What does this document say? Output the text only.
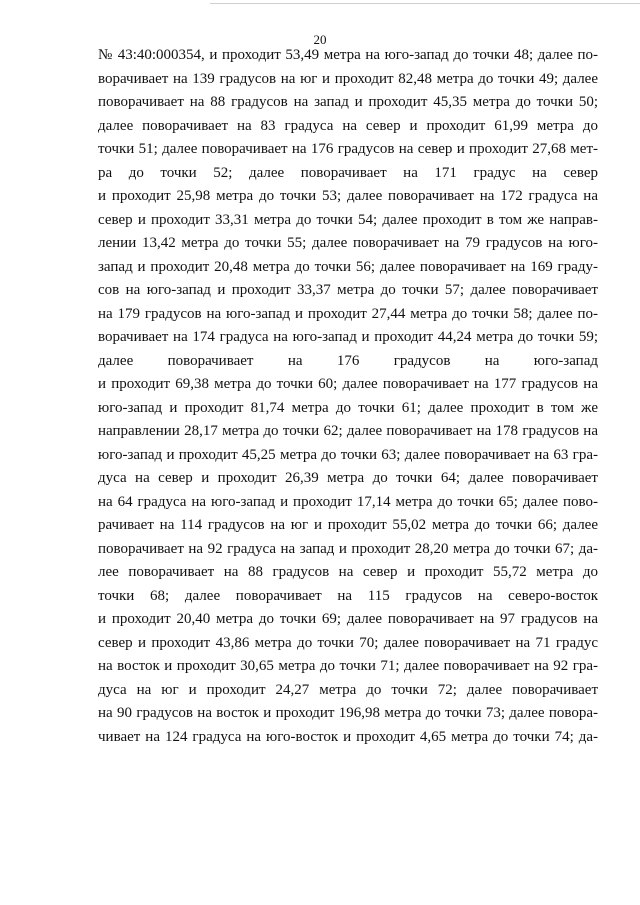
20
№ 43:40:000354, и проходит 53,49 метра на юго-запад до точки 48; далее по-
ворачивает на 139 градусов на юг и проходит 82,48 метра до точки 49; далее
поворачивает на 88 градусов на запад и проходит 45,35 метра до точки 50;
далее поворачивает на 83 градуса на север и проходит 61,99 метра до
точки 51; далее поворачивает на 176 градусов на север и проходит 27,68 мет-
ра до точки 52; далее поворачивает на 171 градус на север
и проходит 25,98 метра до точки 53; далее поворачивает на 172 градуса на
север и проходит 33,31 метра до точки 54; далее проходит в том же направ-
лении 13,42 метра до точки 55; далее поворачивает на 79 градусов на юго-
запад и проходит 20,48 метра до точки 56; далее поворачивает на 169 граду-
сов на юго-запад и проходит 33,37 метра до точки 57; далее поворачивает
на 179 градусов на юго-запад и проходит 27,44 метра до точки 58; далее по-
ворачивает на 174 градуса на юго-запад и проходит 44,24 метра до точки 59;
далее поворачивает на 176 градусов на юго-запад
и проходит 69,38 метра до точки 60; далее поворачивает на 177 градусов на
юго-запад и проходит 81,74 метра до точки 61; далее проходит в том же
направлении 28,17 метра до точки 62; далее поворачивает на 178 градусов на
юго-запад и проходит 45,25 метра до точки 63; далее поворачивает на 63 гра-
дуса на север и проходит 26,39 метра до точки 64; далее поворачивает
на 64 градуса на юго-запад и проходит 17,14 метра до точки 65; далее пово-
рачивает на 114 градусов на юг и проходит 55,02 метра до точки 66; далее
поворачивает на 92 градуса на запад и проходит 28,20 метра до точки 67; да-
лее поворачивает на 88 градусов на север и проходит 55,72 метра до
точки 68; далее поворачивает на 115 градусов на северо-восток
и проходит 20,40 метра до точки 69; далее поворачивает на 97 градусов на
север и проходит 43,86 метра до точки 70; далее поворачивает на 71 градус
на восток и проходит 30,65 метра до точки 71; далее поворачивает на 92 гра-
дуса на юг и проходит 24,27 метра до точки 72; далее поворачивает
на 90 градусов на восток и проходит 196,98 метра до точки 73; далее повора-
чивает на 124 градуса на юго-восток и проходит 4,65 метра до точки 74; да-
